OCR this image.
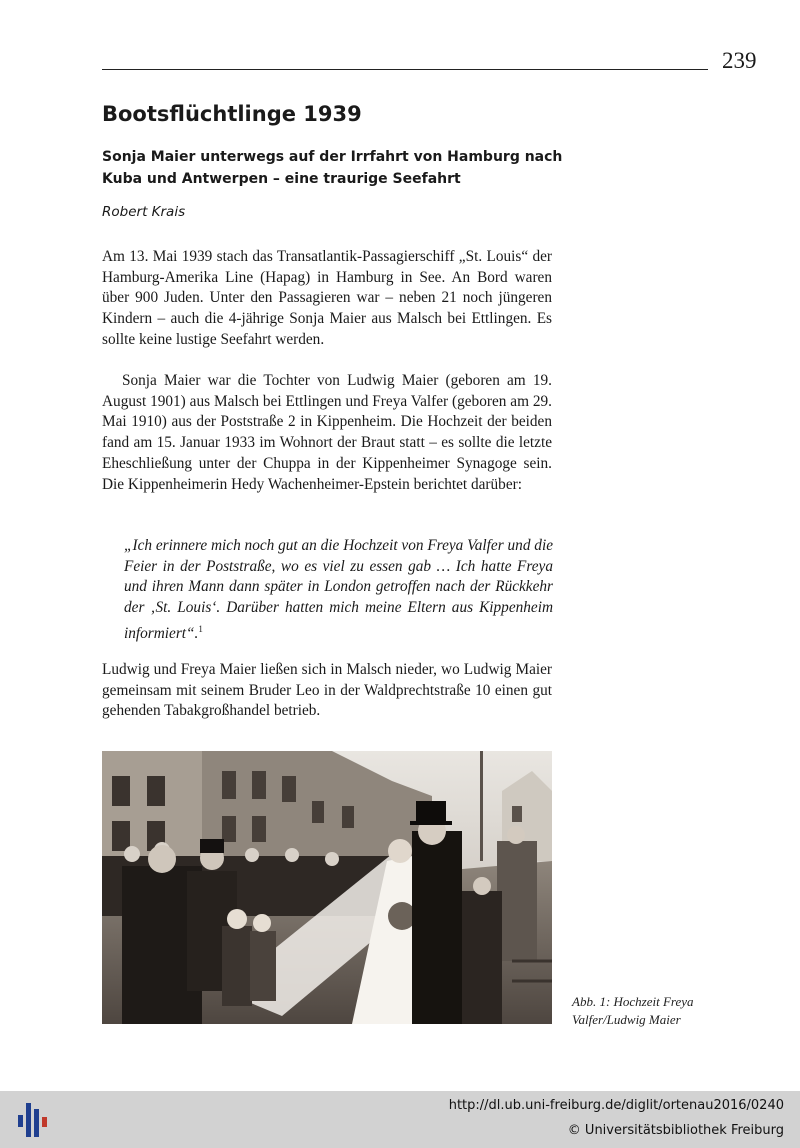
239
Bootsflüchtlinge 1939

Sonja Maier unterwegs auf der Irrfahrt von Hamburg nach Kuba und Antwerpen – eine traurige Seefahrt

Robert Krais

Am 13. Mai 1939 stach das Transatlantik-Passagierschiff „St. Louis“ der Hamburg-Amerika Line (Hapag) in Hamburg in See. An Bord waren über 900 Juden. Unter den Passagieren war – neben 21 noch jüngeren Kindern – auch die 4-jährige Sonja Maier aus Malsch bei Ettlingen. Es sollte keine lustige Seefahrt werden.

Sonja Maier war die Tochter von Ludwig Maier (geboren am 19. August 1901) aus Malsch bei Ettlingen und Freya Valfer (geboren am 29. Mai 1910) aus der Poststraße 2 in Kippenheim. Die Hochzeit der beiden fand am 15. Januar 1933 im Wohnort der Braut statt – es sollte die letzte Eheschließung unter der Chuppa in der Kippenheimer Synagoge sein. Die Kippenheimerin Hedy Wachenheimer-Epstein berichtet darüber:

„Ich erinnere mich noch gut an die Hochzeit von Freya Valfer und die Feier in der Poststraße, wo es viel zu essen gab … Ich hatte Freya und ihren Mann dann später in London getroffen nach der Rückkehr der ‚St. Louis‘. Darüber hatten mich meine Eltern aus Kippenheim informiert“.$^1$

Ludwig und Freya Maier ließen sich in Malsch nieder, wo Ludwig Maier gemeinsam mit seinem Bruder Leo in der Waldprechtstraße 10 einen gut gehenden Tabakgroßhandel betrieb.

Abb. 1: Hochzeit Freya Valfer/Ludwig Maier
http://dl.ub.uni-freiburg.de/diglit/ortenau2016/0240
© Universitätsbibliothek Freiburg
